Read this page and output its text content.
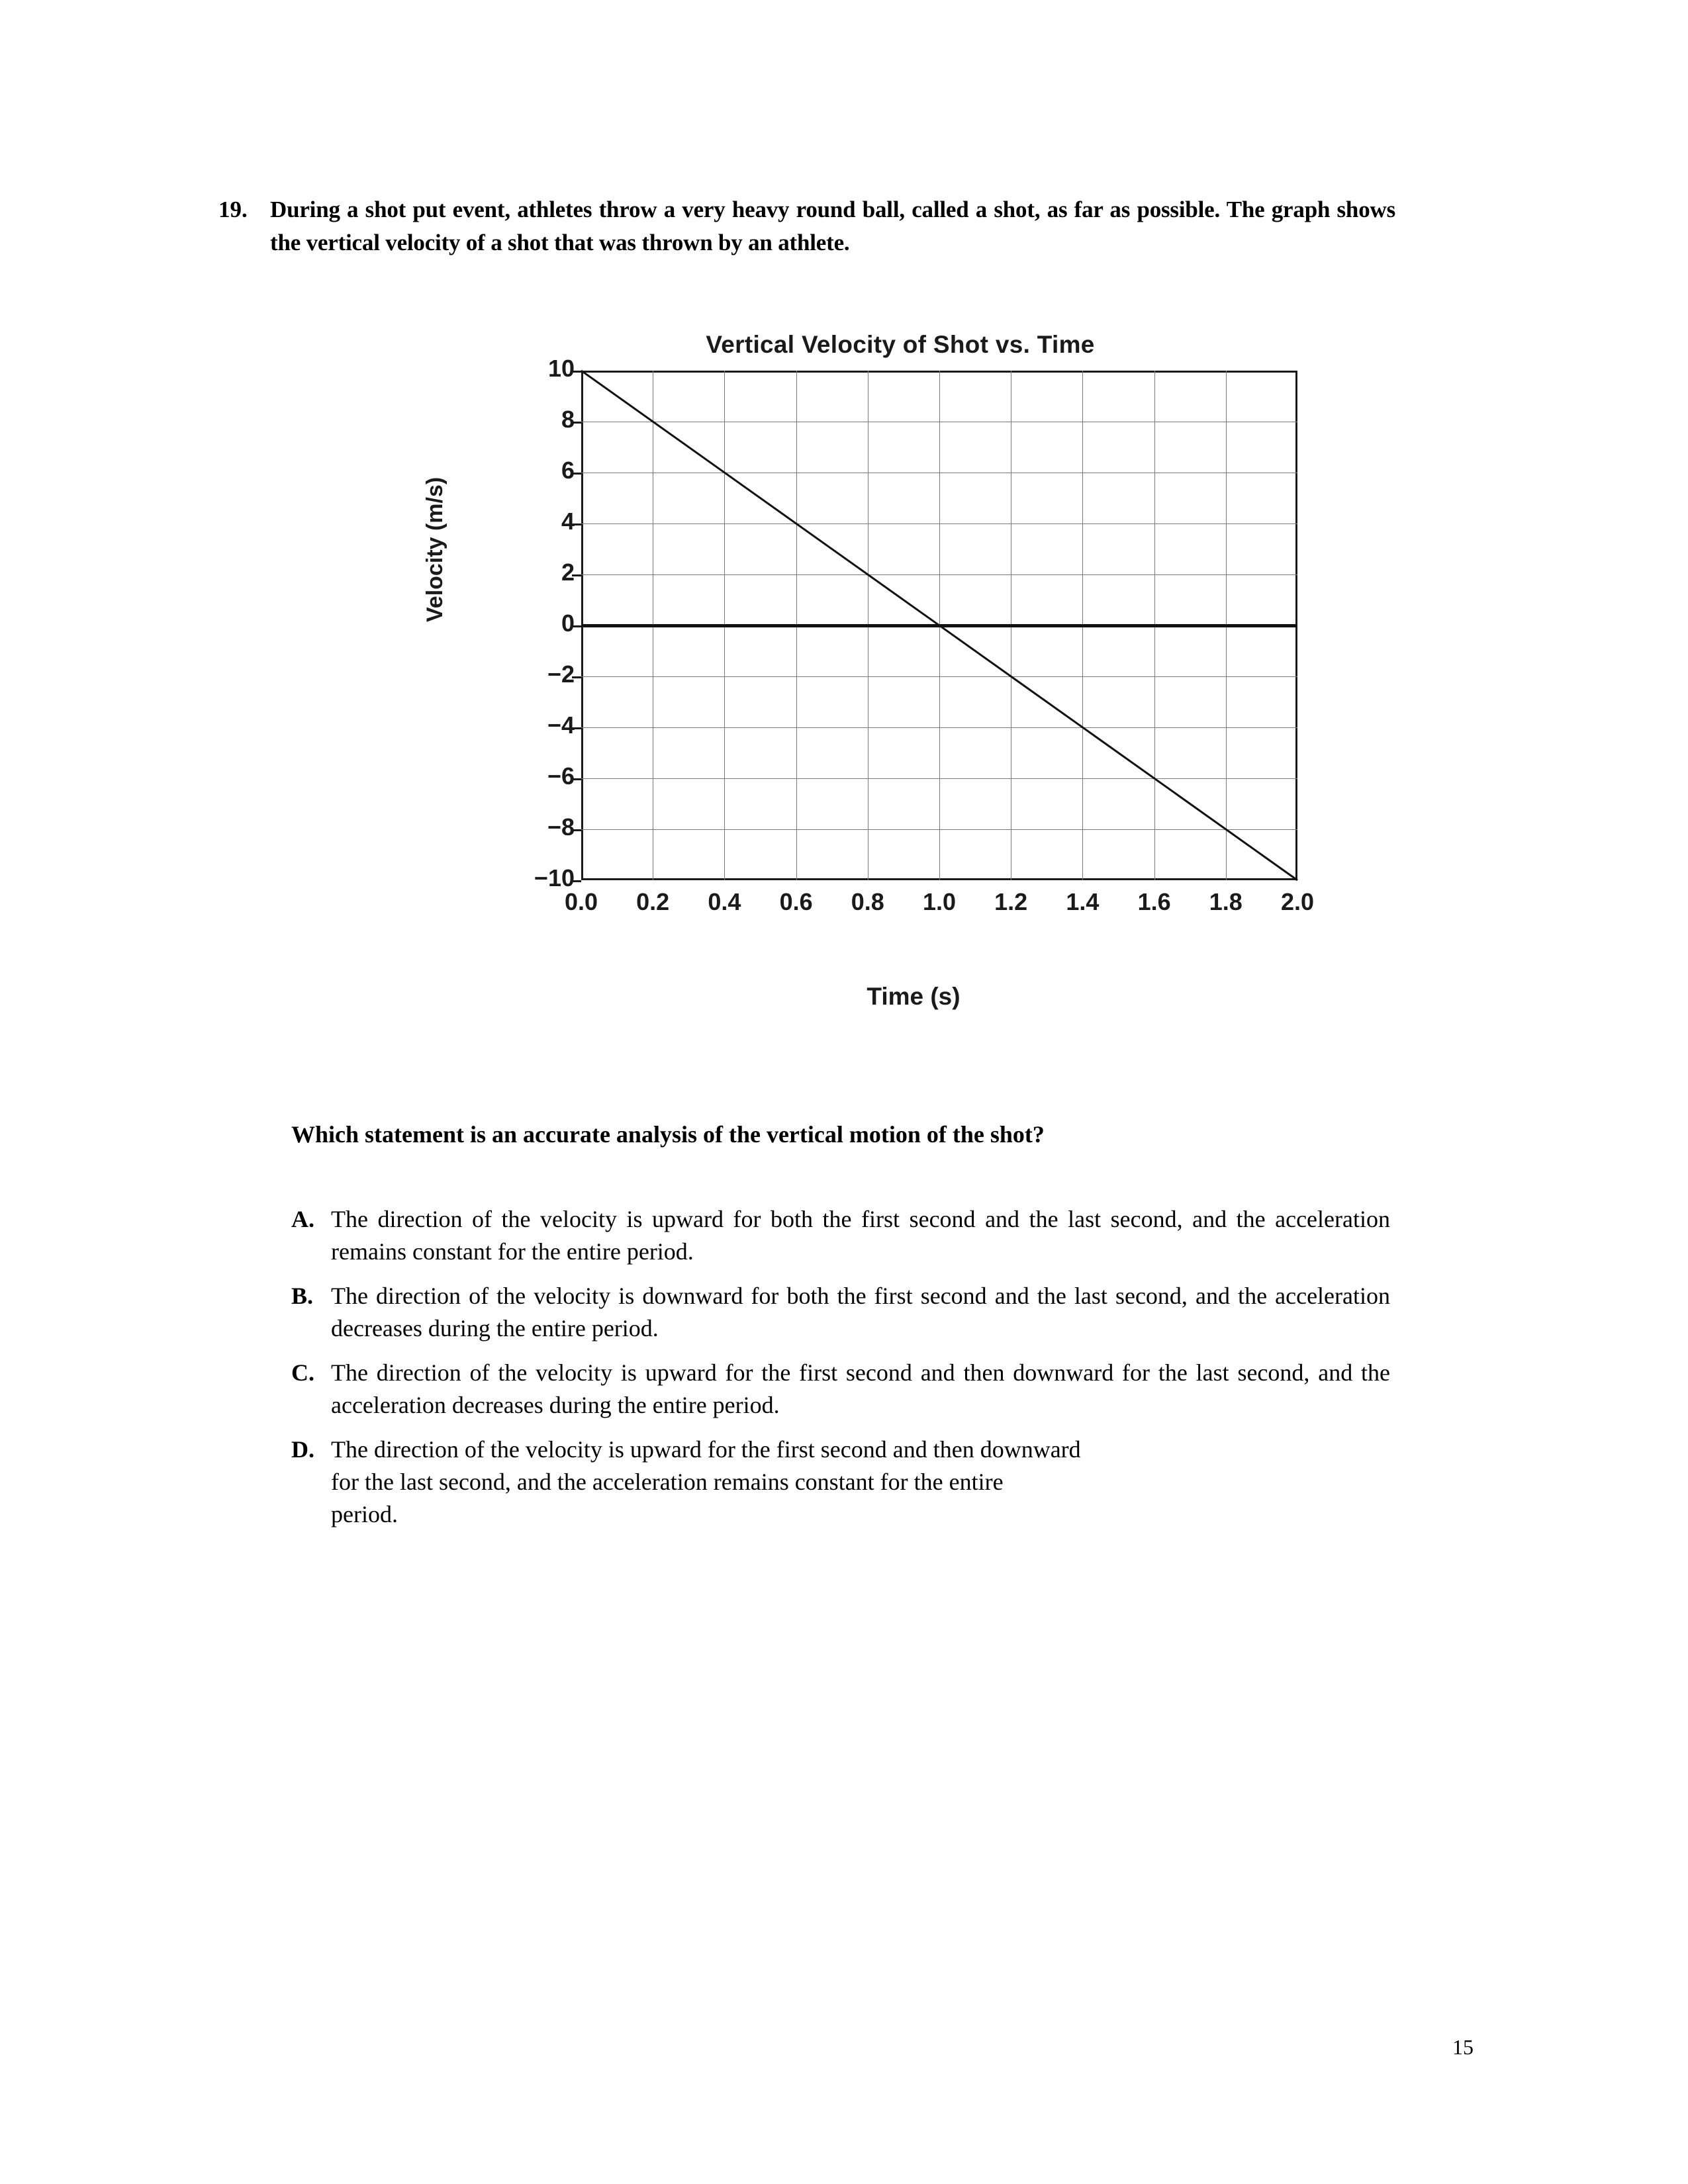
19. During a shot put event, athletes throw a very heavy round ball, called a shot, as far as possible. The graph shows the vertical velocity of a shot that was thrown by an athlete.
Vertical Velocity of Shot vs. Time
Velocity (m/s)
Time (s)
10
8
6
4
2
0
−2
−4
−6
−8
−10
0.0	0.2	0.4	0.6	0.8	1.0	1.2	1.4	1.6	1.8	2.0
Which statement is an accurate analysis of the vertical motion of the shot?
A. The direction of the velocity is upward for both the first second and the last second, and the acceleration remains constant for the entire period.
B. The direction of the velocity is downward for both the first second and the last second, and the acceleration decreases during the entire period.
C. The direction of the velocity is upward for the first second and then downward for the last second, and the acceleration decreases during the entire period.
D. The direction of the velocity is upward for the first second and then downward
for the last second, and the acceleration remains constant for the entire
period.
15
